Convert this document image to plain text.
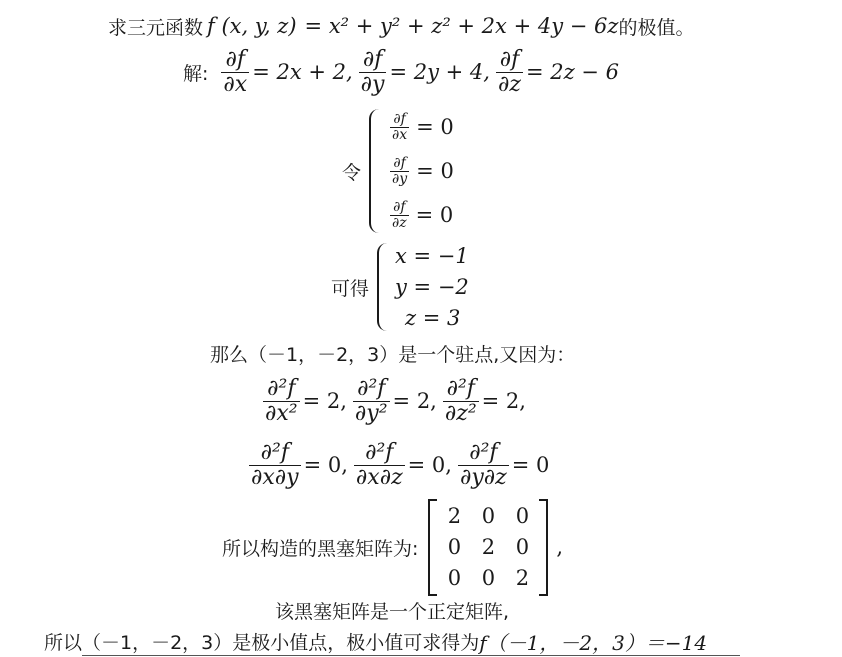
求三元函数 f (x, y, z) = x² + y² + z² + 2x + 4y − 6z 的极值。
解: $\frac{\partial f}{\partial x} = 2x + 2$, $\frac{\partial f}{\partial y} = 2y + 4$, $\frac{\partial f}{\partial z} = 2z - 6$
令
$\frac{\partial f}{\partial x} = 0$
$\frac{\partial f}{\partial y} = 0$
$\frac{\partial f}{\partial z} = 0$
可得
x = −1
y = −2
z = 3
那么（－1，－2，3）是一个驻点,又因为：
$\frac{\text{∂²f}}{\text{∂x²}} = 2$, $\frac{\text{∂²f}}{\text{∂y²}} = 2$, $\frac{\text{∂²f}}{\text{∂z²}} = 2$,
$\frac{\text{∂²f}}{\partial x\partial y} = 0$, $\frac{\text{∂²f}}{\partial x\partial z} = 0$, $\frac{\text{∂²f}}{\partial y\partial z} = 0$
所以构造的黑塞矩阵为:
2 0 0
0 2 0
0 0 2
,
该黑塞矩阵是一个正定矩阵,
所以（－1，－2，3）是极小值点，极小值可求得为 f（－1，－2，3）＝−14
